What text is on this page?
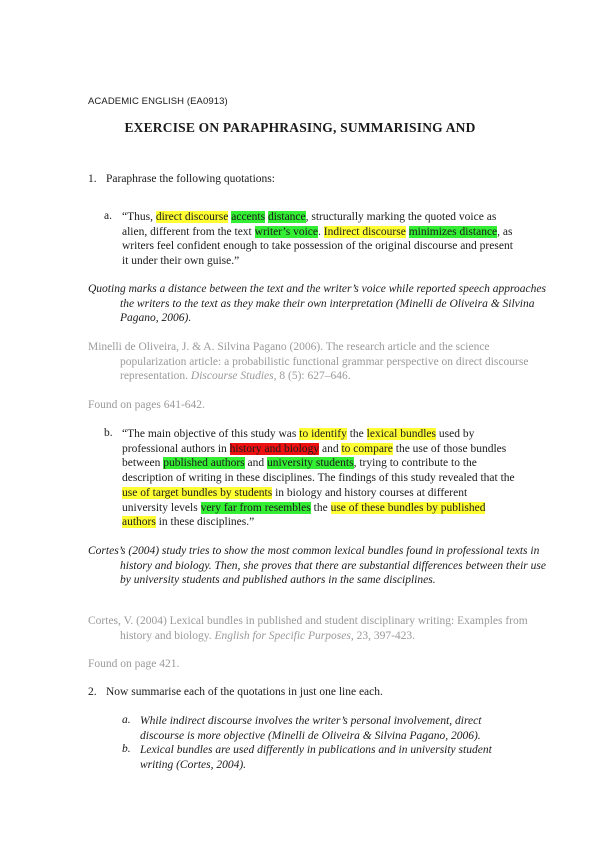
ACADEMIC ENGLISH (EA0913)
EXERCISE ON PARAPHRASING, SUMMARISING AND
1. Paraphrase the following quotations:
a. “Thus, direct discourse accents distance, structurally marking the quoted voice as alien, different from the text writer’s voice. Indirect discourse minimizes distance, as writers feel confident enough to take possession of the original discourse and present it under their own guise.”
Quoting marks a distance between the text and the writer’s voice while reported speech approaches the writers to the text as they make their own interpretation (Minelli de Oliveira & Silvina Pagano, 2006).
Minelli de Oliveira, J. & A. Silvina Pagano (2006). The research article and the science popularization article: a probabilistic functional grammar perspective on direct discourse representation. Discourse Studies, 8 (5): 627–646.
Found on pages 641-642.
b. “The main objective of this study was to identify the lexical bundles used by professional authors in history and biology and to compare the use of those bundles between published authors and university students, trying to contribute to the description of writing in these disciplines. The findings of this study revealed that the use of target bundles by students in biology and history courses at different university levels very far from resembles the use of these bundles by published authors in these disciplines.”
Cortes’s (2004) study tries to show the most common lexical bundles found in professional texts in history and biology. Then, she proves that there are substantial differences between their use by university students and published authors in the same disciplines.
Cortes, V. (2004) Lexical bundles in published and student disciplinary writing: Examples from history and biology. English for Specific Purposes, 23, 397-423.
Found on page 421.
2. Now summarise each of the quotations in just one line each.
a. While indirect discourse involves the writer’s personal involvement, direct discourse is more objective (Minelli de Oliveira & Silvina Pagano, 2006).
b. Lexical bundles are used differently in publications and in university student writing (Cortes, 2004).
